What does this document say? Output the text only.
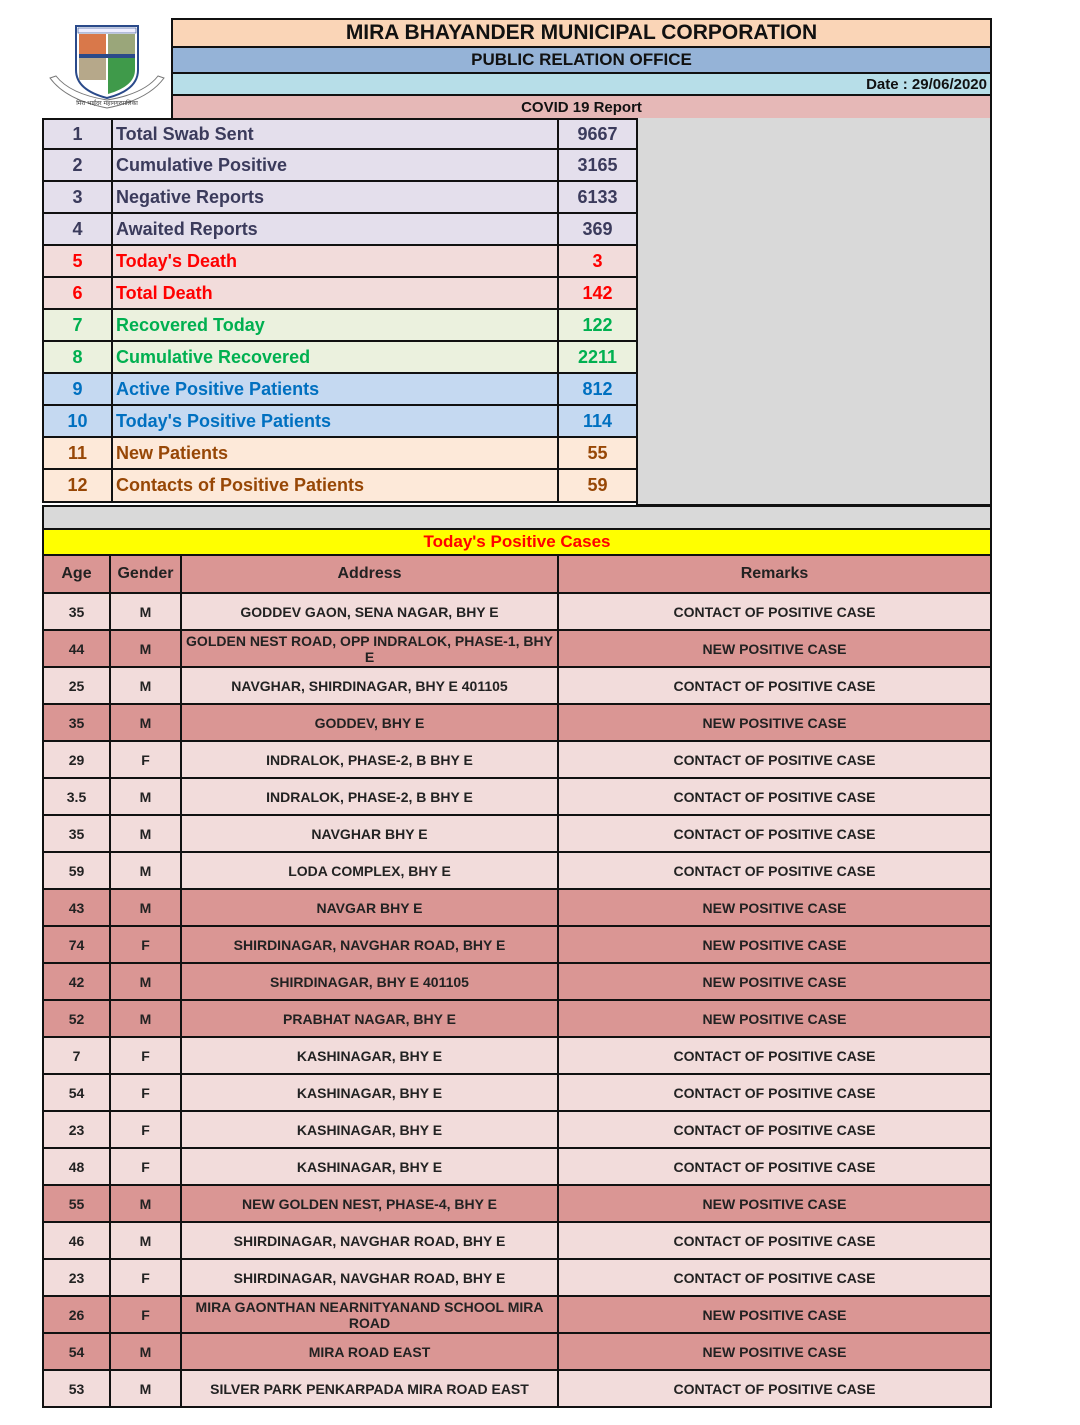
मिरा भाईंदर महानगरपालिका
MIRA BHAYANDER MUNICIPAL CORPORATION
PUBLIC RELATION OFFICE
Date : 29/06/2020
COVID 19 Report
1	Total Swab Sent	9667
2	Cumulative Positive	3165
3	Negative Reports	6133
4	Awaited Reports	369
5	Today's Death	3
6	Total Death	142
7	Recovered Today	122
8	Cumulative Recovered	2211
9	Active Positive Patients	812
10	Today's Positive Patients	114
11	New Patients	55
12	Contacts of Positive Patients	59
Today's Positive Cases
Age	Gender	Address	Remarks
35	M	GODDEV GAON, SENA NAGAR, BHY E	CONTACT OF POSITIVE CASE
44	M	GOLDEN NEST ROAD, OPP INDRALOK, PHASE-1, BHY E	NEW POSITIVE CASE
25	M	NAVGHAR, SHIRDINAGAR, BHY E 401105	CONTACT OF POSITIVE CASE
35	M	GODDEV, BHY E	NEW POSITIVE CASE
29	F	INDRALOK, PHASE-2, B BHY E	CONTACT OF POSITIVE CASE
3.5	M	INDRALOK, PHASE-2, B BHY E	CONTACT OF POSITIVE CASE
35	M	NAVGHAR BHY E	CONTACT OF POSITIVE CASE
59	M	LODA COMPLEX, BHY E	CONTACT OF POSITIVE CASE
43	M	NAVGAR BHY E	NEW POSITIVE CASE
74	F	SHIRDINAGAR, NAVGHAR ROAD, BHY E	NEW POSITIVE CASE
42	M	SHIRDINAGAR, BHY E 401105	NEW POSITIVE CASE
52	M	PRABHAT NAGAR, BHY E	NEW POSITIVE CASE
7	F	KASHINAGAR, BHY E	CONTACT OF POSITIVE CASE
54	F	KASHINAGAR, BHY E	CONTACT OF POSITIVE CASE
23	F	KASHINAGAR, BHY E	CONTACT OF POSITIVE CASE
48	F	KASHINAGAR, BHY E	CONTACT OF POSITIVE CASE
55	M	NEW GOLDEN NEST, PHASE-4, BHY E	NEW POSITIVE CASE
46	M	SHIRDINAGAR, NAVGHAR ROAD, BHY E	CONTACT OF POSITIVE CASE
23	F	SHIRDINAGAR, NAVGHAR ROAD, BHY E	CONTACT OF POSITIVE CASE
26	F	MIRA GAONTHAN NEARNITYANAND SCHOOL MIRA ROAD	NEW POSITIVE CASE
54	M	MIRA ROAD EAST	NEW POSITIVE CASE
53	M	SILVER PARK PENKARPADA MIRA ROAD EAST	CONTACT OF POSITIVE CASE
